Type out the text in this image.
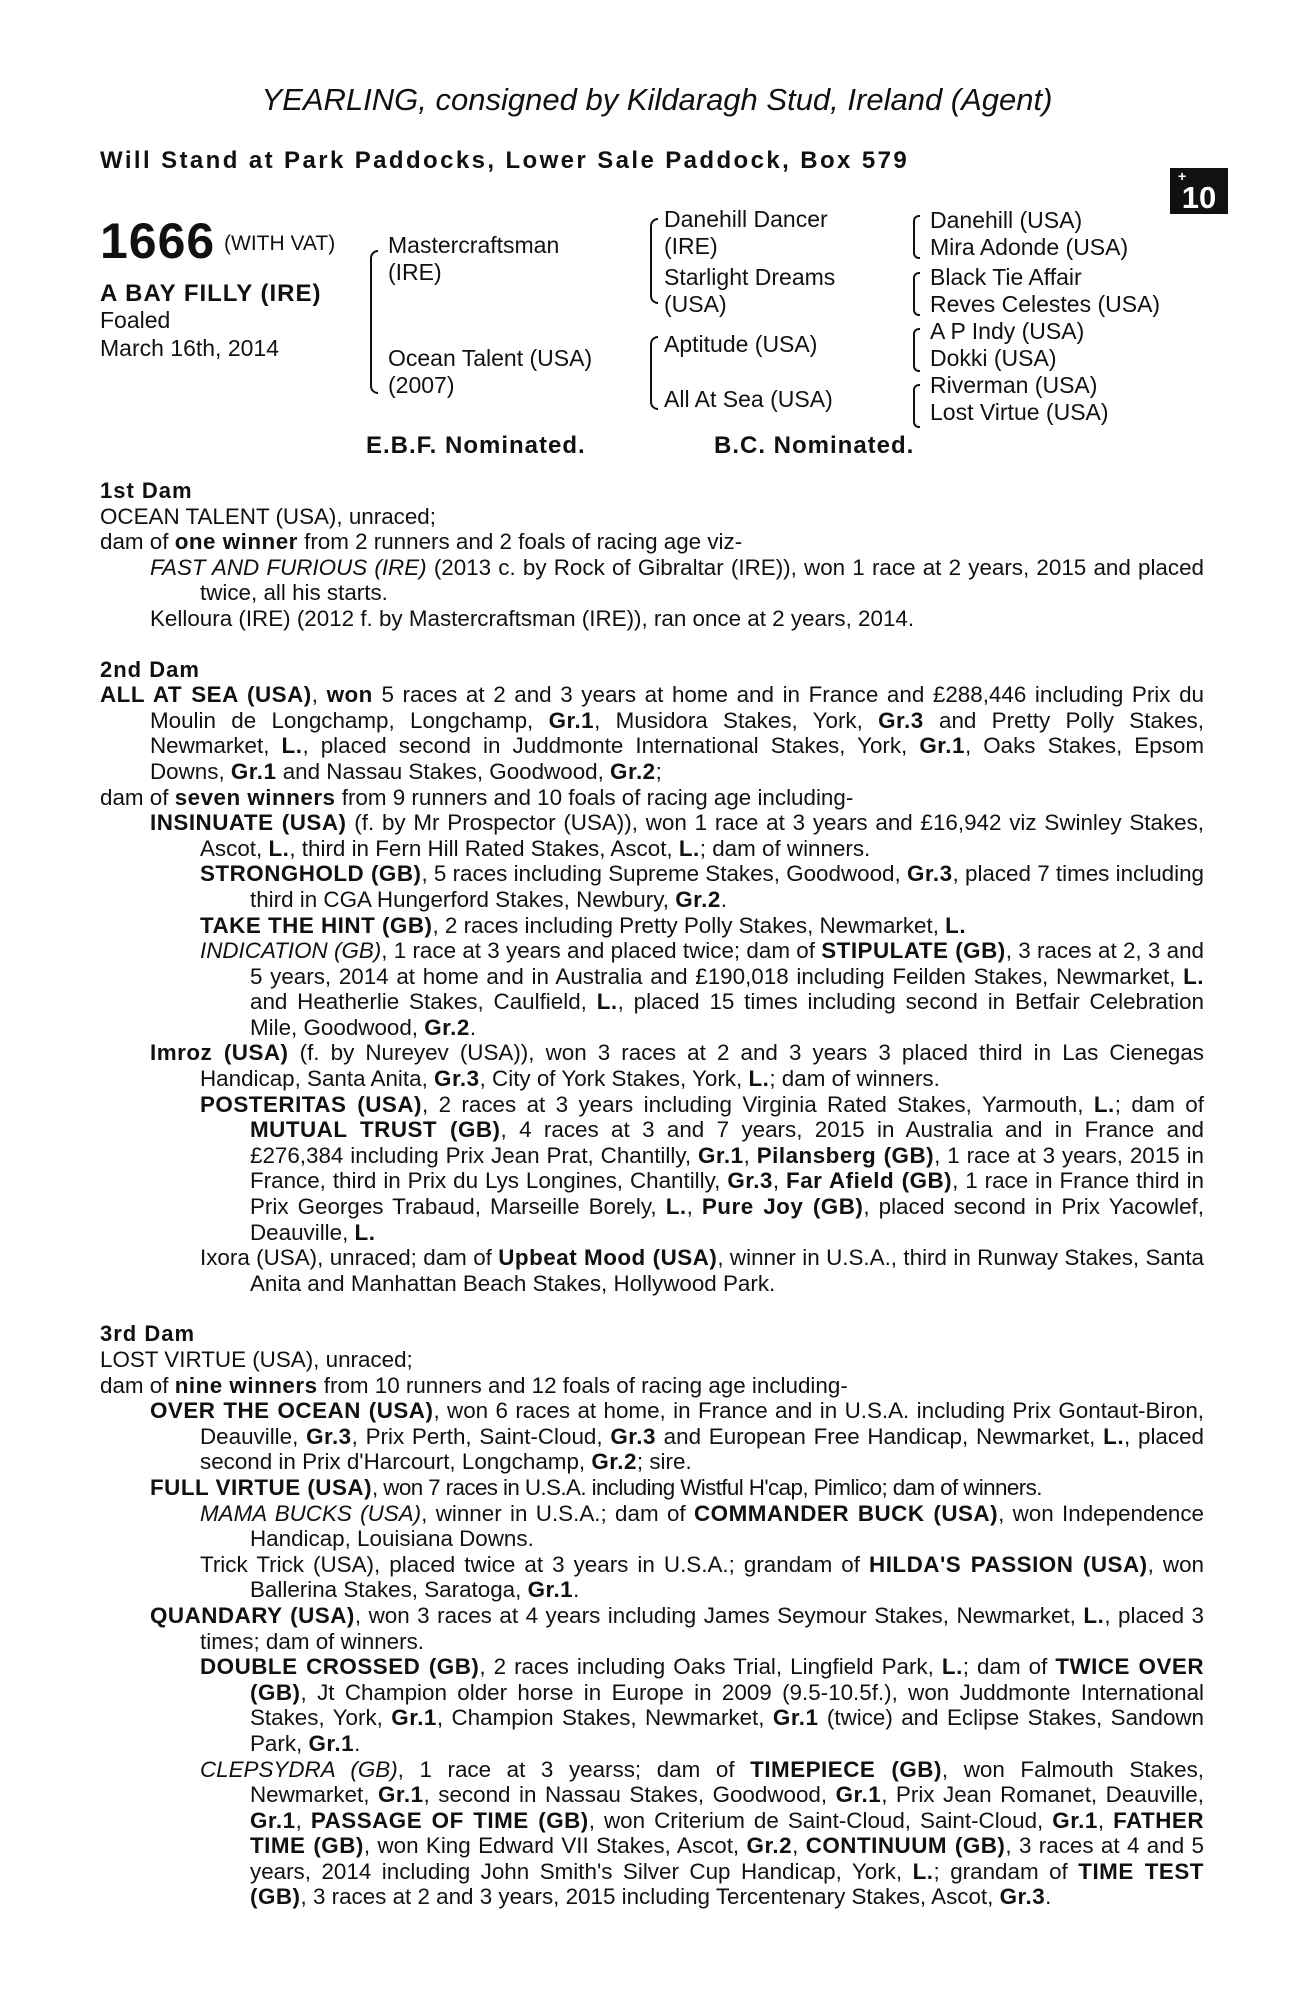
YEARLING, consigned by Kildaragh Stud, Ireland (Agent)
Will Stand at Park Paddocks, Lower Sale Paddock, Box 579
+
10
1666 (WITH VAT)
A BAY FILLY (IRE)
Foaled
March 16th, 2014
Mastercraftsman
(IRE)
Ocean Talent (USA)
(2007)
Danehill Dancer
(IRE)
Starlight Dreams
(USA)
Aptitude (USA)
All At Sea (USA)
Danehill (USA)
Mira Adonde (USA)
Black Tie Affair
Reves Celestes (USA)
A P Indy (USA)
Dokki (USA)
Riverman (USA)
Lost Virtue (USA)
E.B.F. Nominated.	B.C. Nominated.

1st Dam

OCEAN TALENT (USA), unraced;

dam of one winner from 2 runners and 2 foals of racing age viz-

FAST AND FURIOUS (IRE) (2013 c. by Rock of Gibraltar (IRE)), won 1 race at 2 years, 2015 and placed twice, all his starts.

Kelloura (IRE) (2012 f. by Mastercraftsman (IRE)), ran once at 2 years, 2014.

2nd Dam

ALL AT SEA (USA), won 5 races at 2 and 3 years at home and in France and £288,446 including Prix du Moulin de Longchamp, Longchamp, Gr.1, Musidora Stakes, York, Gr.3 and Pretty Polly Stakes, Newmarket, L., placed second in Juddmonte International Stakes, York, Gr.1, Oaks Stakes, Epsom Downs, Gr.1 and Nassau Stakes, Goodwood, Gr.2;

dam of seven winners from 9 runners and 10 foals of racing age including-

INSINUATE (USA) (f. by Mr Prospector (USA)), won 1 race at 3 years and £16,942 viz Swinley Stakes, Ascot, L., third in Fern Hill Rated Stakes, Ascot, L.; dam of winners.

STRONGHOLD (GB), 5 races including Supreme Stakes, Goodwood, Gr.3, placed 7 times including third in CGA Hungerford Stakes, Newbury, Gr.2.

TAKE THE HINT (GB), 2 races including Pretty Polly Stakes, Newmarket, L.

INDICATION (GB), 1 race at 3 years and placed twice; dam of STIPULATE (GB), 3 races at 2, 3 and 5 years, 2014 at home and in Australia and £190,018 including Feilden Stakes, Newmarket, L. and Heatherlie Stakes, Caulfield, L., placed 15 times including second in Betfair Celebration Mile, Goodwood, Gr.2.

Imroz (USA) (f. by Nureyev (USA)), won 3 races at 2 and 3 years 3 placed third in Las Cienegas Handicap, Santa Anita, Gr.3, City of York Stakes, York, L.; dam of winners.

POSTERITAS (USA), 2 races at 3 years including Virginia Rated Stakes, Yarmouth, L.; dam of MUTUAL TRUST (GB), 4 races at 3 and 7 years, 2015 in Australia and in France and £276,384 including Prix Jean Prat, Chantilly, Gr.1, Pilansberg (GB), 1 race at 3 years, 2015 in France, third in Prix du Lys Longines, Chantilly, Gr.3, Far Afield (GB), 1 race in France third in Prix Georges Trabaud, Marseille Borely, L., Pure Joy (GB), placed second in Prix Yacowlef, Deauville, L.

Ixora (USA), unraced; dam of Upbeat Mood (USA), winner in U.S.A., third in Runway Stakes, Santa Anita and Manhattan Beach Stakes, Hollywood Park.

3rd Dam

LOST VIRTUE (USA), unraced;

dam of nine winners from 10 runners and 12 foals of racing age including-

OVER THE OCEAN (USA), won 6 races at home, in France and in U.S.A. including Prix Gontaut-Biron, Deauville, Gr.3, Prix Perth, Saint-Cloud, Gr.3 and European Free Handicap, Newmarket, L., placed second in Prix d'Harcourt, Longchamp, Gr.2; sire.

FULL VIRTUE (USA), won 7 races in U.S.A. including Wistful H'cap, Pimlico; dam of winners.

MAMA BUCKS (USA), winner in U.S.A.; dam of COMMANDER BUCK (USA), won Independence Handicap, Louisiana Downs.

Trick Trick (USA), placed twice at 3 years in U.S.A.; grandam of HILDA'S PASSION (USA), won Ballerina Stakes, Saratoga, Gr.1.

QUANDARY (USA), won 3 races at 4 years including James Seymour Stakes, Newmarket, L., placed 3 times; dam of winners.

DOUBLE CROSSED (GB), 2 races including Oaks Trial, Lingfield Park, L.; dam of TWICE OVER (GB), Jt Champion older horse in Europe in 2009 (9.5-10.5f.), won Juddmonte International Stakes, York, Gr.1, Champion Stakes, Newmarket, Gr.1 (twice) and Eclipse Stakes, Sandown Park, Gr.1.

CLEPSYDRA (GB), 1 race at 3 yearss; dam of TIMEPIECE (GB), won Falmouth Stakes, Newmarket, Gr.1, second in Nassau Stakes, Goodwood, Gr.1, Prix Jean Romanet, Deauville, Gr.1, PASSAGE OF TIME (GB), won Criterium de Saint-Cloud, Saint-Cloud, Gr.1, FATHER TIME (GB), won King Edward VII Stakes, Ascot, Gr.2, CONTINUUM (GB), 3 races at 4 and 5 years, 2014 including John Smith's Silver Cup Handicap, York, L.; grandam of TIME TEST (GB), 3 races at 2 and 3 years, 2015 including Tercentenary Stakes, Ascot, Gr.3.
